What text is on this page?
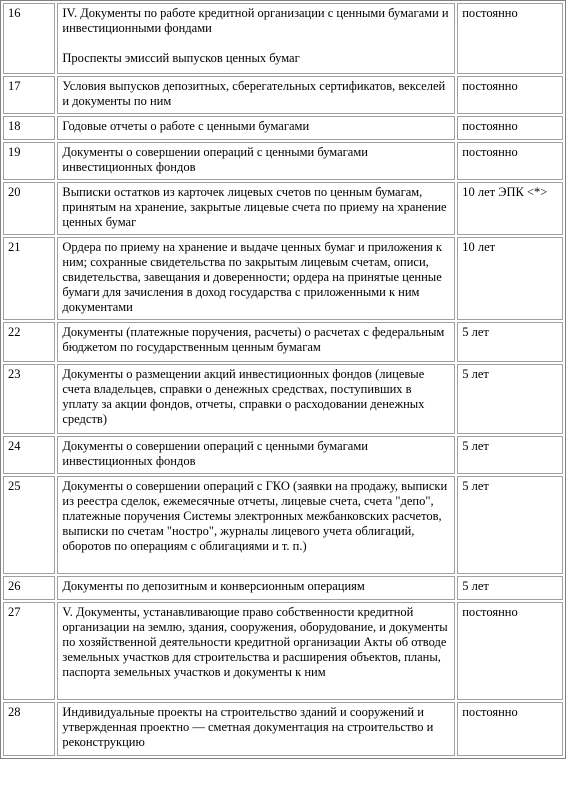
16	IV. Документы по работе кредитной организации с ценными бумагами и инвестиционными фондами
Проспекты эмиссий выпусков ценных бумаг	постоянно
17	Условия выпусков депозитных, сберегательных сертификатов, векселей и документы по ним	постоянно
18	Годовые отчеты о работе с ценными бумагами	постоянно
19	Документы о совершении операций с ценными бумагами инвестиционных фондов	постоянно
20	Выписки остатков из карточек лицевых счетов по ценным бумагам, принятым на хранение, закрытые лицевые счета по приему на хранение ценных бумаг	10 лет ЭПК <*>
21	Ордера по приему на хранение и выдаче ценных бумаг и приложения к ним; сохранные свидетельства по закрытым лицевым счетам, описи, свидетельства, завещания и доверенности; ордера на принятые ценные бумаги для зачисления в доход государства с приложенными к ним документами	10 лет
22	Документы (платежные поручения, расчеты) о расчетах с федеральным бюджетом по государственным ценным бумагам	5 лет
23	Документы о размещении акций инвестиционных фондов (лицевые счета владельцев, справки о денежных средствах, поступивших в уплату за акции фондов, отчеты, справки о расходовании денежных средств)	5 лет
24	Документы о совершении операций с ценными бумагами инвестиционных фондов	5 лет
25	Документы о совершении операций с ГКО (заявки на продажу, выписки из реестра сделок, ежемесячные отчеты, лицевые счета, счета "депо", платежные поручения Системы электронных межбанковских расчетов, выписки по счетам "ностро", журналы лицевого учета облигаций, оборотов по операциям с облигациями и т. п.)	5 лет
26	Документы по депозитным и конверсионным операциям	5 лет
27	V. Документы, устанавливающие право собственности кредитной организации на землю, здания, сооружения, оборудование, и документы по хозяйственной деятельности кредитной организации Акты об отводе земельных участков для строительства и расширения объектов, планы, паспорта земельных участков и документы к ним	постоянно
28	Индивидуальные проекты на строительство зданий и сооружений и утвержденная проектно — сметная документация на строительство и реконструкцию	постоянно
